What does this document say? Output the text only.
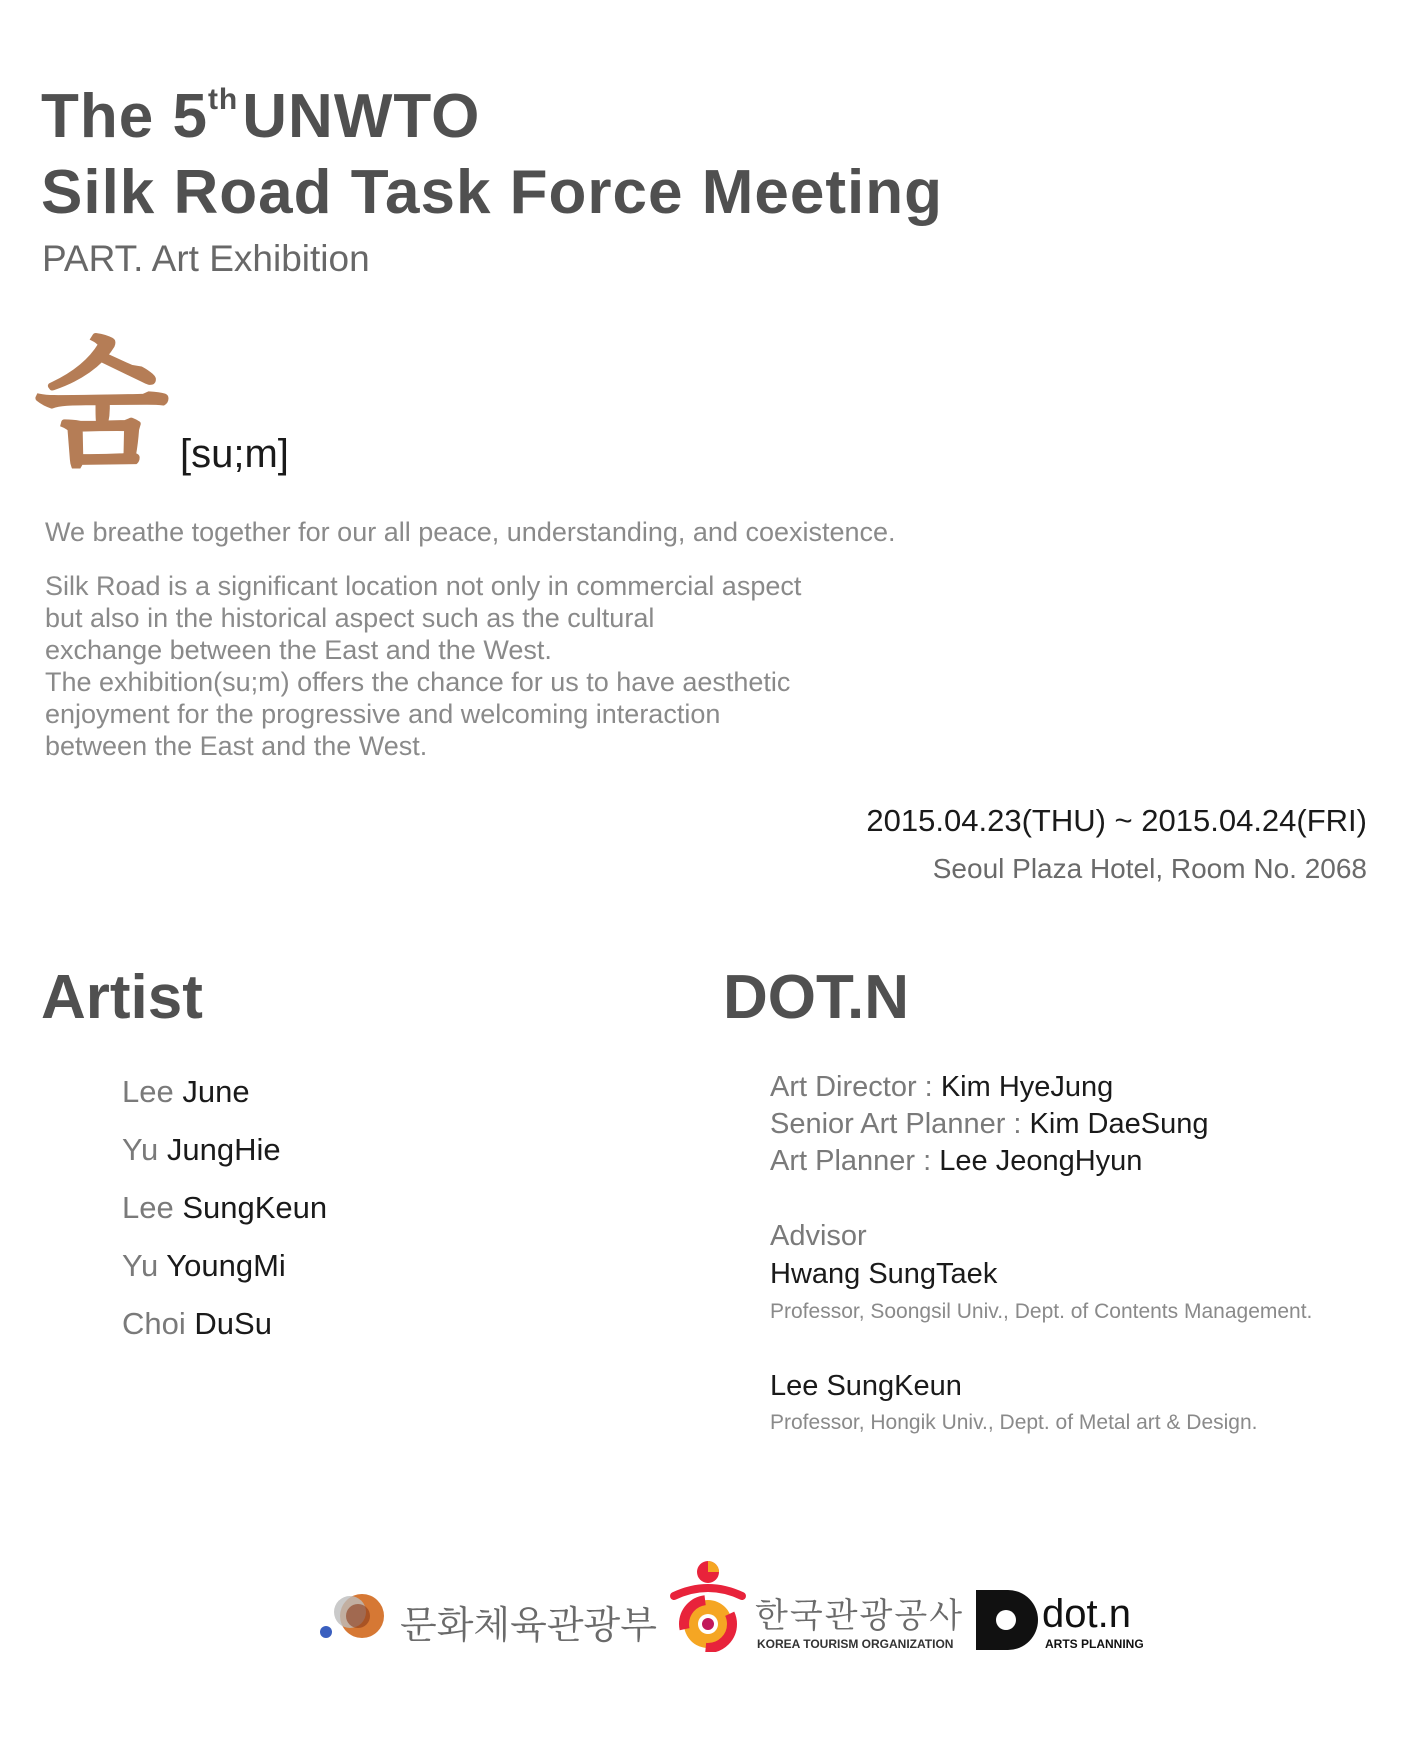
The 5thUNWTO
Silk Road Task Force Meeting
PART. Art Exhibition
숨 [su;m]
We breathe together for our all peace, understanding, and coexistence.
Silk Road is a significant location not only in commercial aspect
but also in the historical aspect such as the cultural
exchange between the East and the West.
The exhibition(su;m) offers the chance for us to have aesthetic
enjoyment for the progressive and welcoming interaction
between the East and the West.
2015.04.23(THU) ~ 2015.04.24(FRI)
Seoul Plaza Hotel, Room No. 2068
Artist
Lee June
Yu JungHie
Lee SungKeun
Yu YoungMi
Choi DuSu
DOT.N
Art Director : Kim HyeJung
Senior Art Planner : Kim DaeSung
Art Planner : Lee JeongHyun
Advisor
Hwang SungTaek
Professor, Soongsil Univ., Dept. of Contents Management.
Lee SungKeun
Professor, Hongik Univ., Dept. of Metal art & Design.
문화체육관광부	한국관광공사
KOREA TOURISM ORGANIZATION
dot.n
ARTS PLANNING
